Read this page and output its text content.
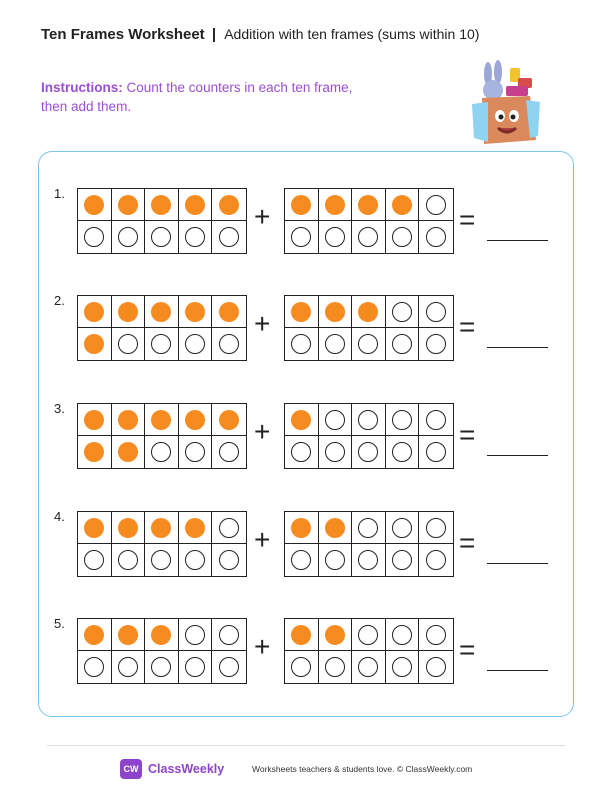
Ten Frames Worksheet | Addition with ten frames (sums within 10)
Instructions: Count the counters in each ten frame, then add them.
1.
+	=
2.
+	=
3.
+	=
4.
+	=
5.
+	=
CW ClassWeekly	Worksheets teachers & students love. © ClassWeekly.com
